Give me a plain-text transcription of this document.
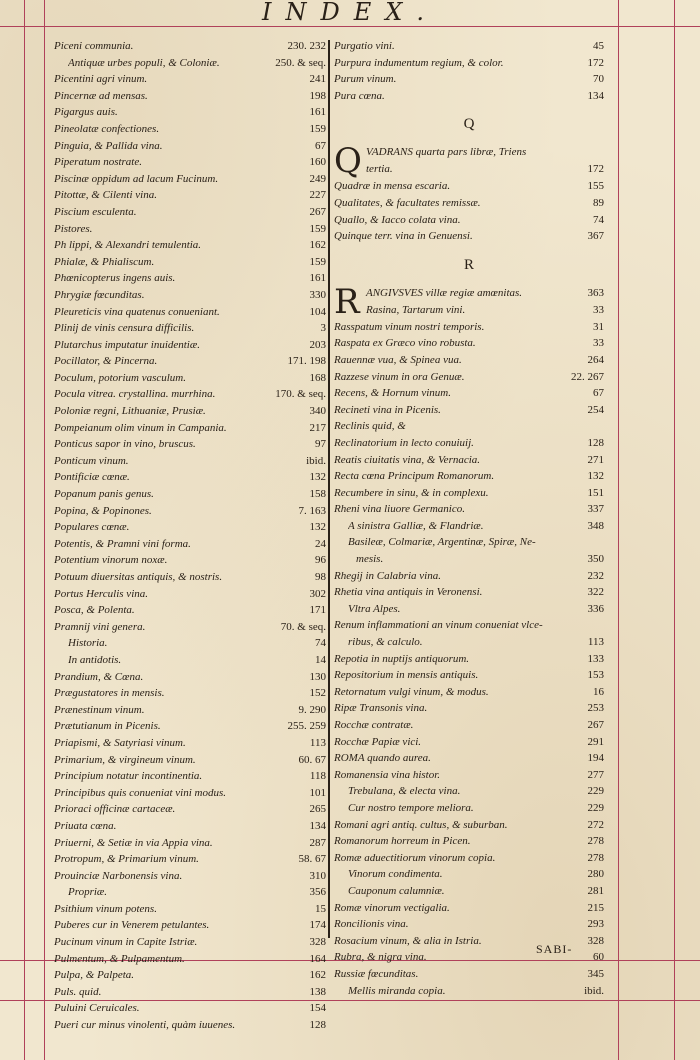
INDEX.
Piceni communia.	230. 232
Antiquæ urbes populi, & Coloniæ.	250. & seq.
Picentini agri vinum.	241
Pincernæ ad mensas.	198
Pigargus auis.	161
Pineolatæ confectiones.	159
Pinguia, & Pallida vina.	67
Piperatum nostrate.	160
Piscinæ oppidum ad lacum Fucinum.	249
Pitottæ, & Cilenti vina.	227
Piscium esculenta.	267
Pistores.	159
Ph lippi, & Alexandri temulentia.	162
Phialæ, & Phialiscum.	159
Phœnicopterus ingens auis.	161
Phrygiæ fœcunditas.	330
Pleureticis vina quatenus conueniant.	104
Plinij de vinis censura difficilis.	3
Plutarchus imputatur inuidentiæ.	203
Pocillator, & Pincerna.	171. 198
Poculum, potorium vasculum.	168
Pocula vitrea. crystallina. murrhina.	170. & seq.
Poloniæ regni, Lithuaniæ, Prusiæ.	340
Pompeianum olim vinum in Campania.	217
Ponticus sapor in vino, bruscus.	97
Ponticum vinum.	ibid.
Pontificiæ cœnæ.	132
Popanum panis genus.	158
Popina, & Popinones.	7. 163
Populares cœnæ.	132
Potentis, & Pramni vini forma.	24
Potentium vinorum noxæ.	96
Potuum diuersitas antiquis, & nostris.	98
Portus Herculis vina.	302
Posca, & Polenta.	171
Pramnij vini genera.	70. & seq.
Historia.	74
In antidotis.	14
Prandium, & Cœna.	130
Prægustatores in mensis.	152
Prænestinum vinum.	9. 290
Prætutianum in Picenis.	255. 259
Priapismi, & Satyriasi vinum.	113
Primarium, & virgineum vinum.	60. 67
Principium notatur incontinentia.	118
Principibus quis conueniat vini modus.	101
Prioraci officinæ cartaceæ.	265
Priuata cœna.	134
Priuerni, & Setiæ in via Appia vina.	287
Protropum, & Primarium vinum.	58. 67
Prouinciæ Narbonensis vina.	310
Propriæ.	356
Psithium vinum potens.	15
Puberes cur in Venerem petulantes.	174
Pucinum vinum in Capite Istriæ.	328
Pulmentum, & Pulpamentum.	164
Pulpa, & Palpeta.	162
Puls. quid.	138
Puluini Ceruicales.	154
Pueri cur minus vinolenti, quàm iuuenes.	128
Purgatio vini.	45
Purpura indumentum regium, & color.	172
Purum vinum.	70
Pura cœna.	134
Q
Q VADRANS quarta pars libræ, Triens
tertia.	172
Quadræ in mensa escaria.	155
Qualitates, & facultates remissæ.	89
Quallo, & Iacco colata vina.	74
Quinque terr. vina in Genuensi.	367
R
R ANGIVSVES villæ regiæ amœnitas.	363
Rasina, Tartarum vini.	33
Rasspatum vinum nostri temporis.	31
Raspata ex Græco vino robusta.	33
Rauennæ vua, & Spinea vua.	264
Razzese vinum in ora Genuæ.	22. 267
Recens, & Hornum vinum.	67
Recineti vina in Picenis.	254
Reclinis quid, &
Reclinatorium in lecto conuiuij.	128
Reatis ciuitatis vina, & Vernacia.	271
Recta cœna Principum Romanorum.	132
Recumbere in sinu, & in complexu.	151
Rheni vina liuore Germanico.	337
A sinistra Galliæ, & Flandriæ.	348
Basileæ, Colmariæ, Argentinæ, Spiræ, Ne-
mesis.	350
Rhegij in Calabria vina.	232
Rhetia vina antiquis in Veronensi.	322
Vltra Alpes.	336
Renum inflammationi an vinum conueniat vlce-
ribus, & calculo.	113
Repotia in nuptijs antiquorum.	133
Repositorium in mensis antiquis.	153
Retornatum vulgi vinum, & modus.	16
Ripæ Transonis vina.	253
Rocchæ contratæ.	267
Rocchæ Papiæ vici.	291
ROMA quando aurea.	194
Romanensia vina histor.	277
Trebulana, & electa vina.	229
Cur nostro tempore meliora.	229
Romani agri antiq. cultus, & suburban.	272
Romanorum horreum in Picen.	278
Romæ aduectitiorum vinorum copia.	278
Vinorum condimenta.	280
Cauponum calumniæ.	281
Romæ vinorum vectigalia.	215
Roncilionis vina.	293
Rosacium vinum, & alia in Istria.	328
Rubra, & nigra vina.	60
Russiæ fœcunditas.	345
Mellis miranda copia.	ibid.
SABI-
